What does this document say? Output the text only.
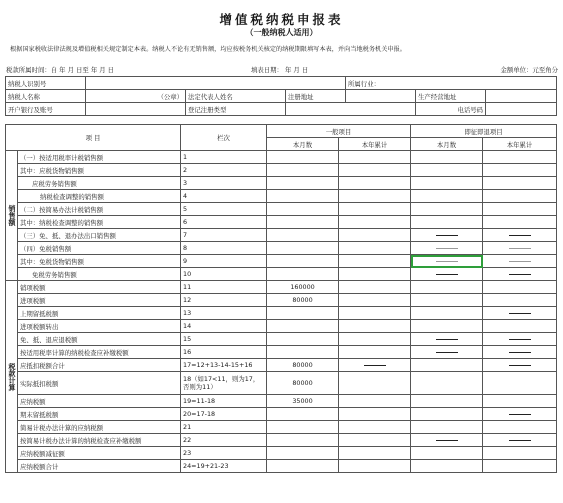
增值税纳税申报表
（一般纳税人适用）
根据国家税收法律法规及增值税相关规定制定本表。纳税人不论有无销售额，均应按税务机关核定的纳税期限填写本表，并向当地税务机关申报。
税款所属时间：自 年 月 日至 年 月 日	填表日期： 年 月 日	金额单位：元至角分
纳税人识别号				所属行业：		
纳税人名称	（公章）	法定代表人姓名	注册地址		生产经营地址	
开户银行及账号		登记注册类型			电话号码	
项 目		栏次	一般项目		即征即退项目	
			本月数	本年累计	本月数	本年累计
销售额	（一）按适用税率计税销售额	1				
	其中：应税货物销售额	2				
	应税劳务销售额	3				
	纳税检查调整的销售额	4				
	（二）按简易办法计税销售额	5				
	其中：纳税检查调整的销售额	6				
	（三）免、抵、退办法出口销售额	7				
	（四）免税销售额	8				
	其中：免税货物销售额	9				
	免税劳务销售额	10				
税款计算	销项税额	11	160000			
	进项税额	12	80000			
	上期留抵税额	13				
	进项税额转出	14				
	免、抵、退应退税额	15				
	按适用税率计算的纳税检查应补缴税额	16				
	应抵扣税额合计	17=12+13-14-15+16	80000			
	实际抵扣税额	18（如17<11，则为17，否则为11）	80000			
	应纳税额	19=11-18	35000			
	期末留抵税额	20=17-18				
	简易计税办法计算的应纳税额	21				
	按简易计税办法计算的纳税检查应补缴税额	22				
	应纳税额减征额	23				
	应纳税额合计	24=19+21-23				
